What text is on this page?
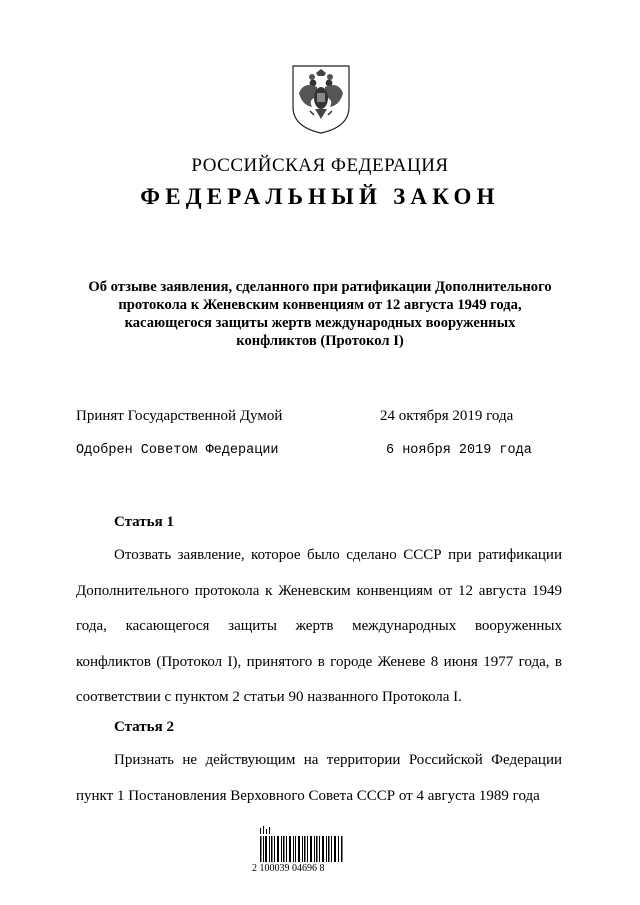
РОССИЙСКАЯ ФЕДЕРАЦИЯ
ФЕДЕРАЛЬНЫЙ ЗАКОН
Об отзыве заявления, сделанного при ратификации Дополнительного
протокола к Женевским конвенциям от 12 августа 1949 года,
касающегося защиты жертв международных вооруженных
конфликтов (Протокол I)
Принят Государственной Думой	24 октября 2019 года
Одобрен Советом Федерации	6 ноября 2019 года
Статья 1

Отозвать заявление, которое было сделано СССР при ратификации Дополнительного протокола к Женевским конвенциям от 12 августа 1949 года, касающегося защиты жертв международных вооруженных конфликтов (Протокол I), принятого в городе Женеве 8 июня 1977 года, в соответствии с пунктом 2 статьи 90 названного Протокола I.

Статья 2

Признать не действующим на территории Российской Федерации пункт 1 Постановления Верховного Совета СССР от 4 августа 1989 года

2 100039 04696 8
